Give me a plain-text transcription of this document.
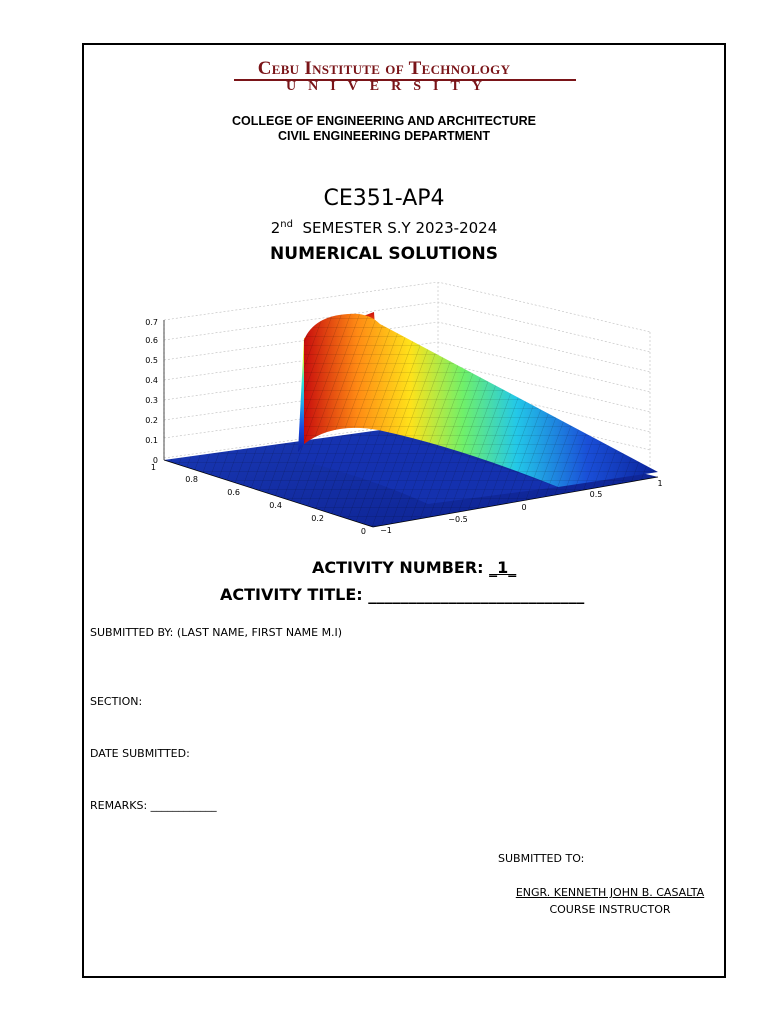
Cebu Institute of Technology
UNIVERSITY
COLLEGE OF ENGINEERING AND ARCHITECTURE
CIVIL ENGINEERING DEPARTMENT
CE351-AP4
2nd SEMESTER S.Y 2023-2024
NUMERICAL SOLUTIONS
0
0.1
0.2
0.3
0.4
0.5
0.6
0.7
1
0.8
0.6
0.4
0.2
0 −1
−0.5
0
0.5
1
ACTIVITY NUMBER: _1_
ACTIVITY TITLE: ___________________________
SUBMITTED BY: (LAST NAME, FIRST NAME M.I)
SECTION:
DATE SUBMITTED:
REMARKS: ____________
SUBMITTED TO:
ENGR. KENNETH JOHN B. CASALTA
COURSE INSTRUCTOR
